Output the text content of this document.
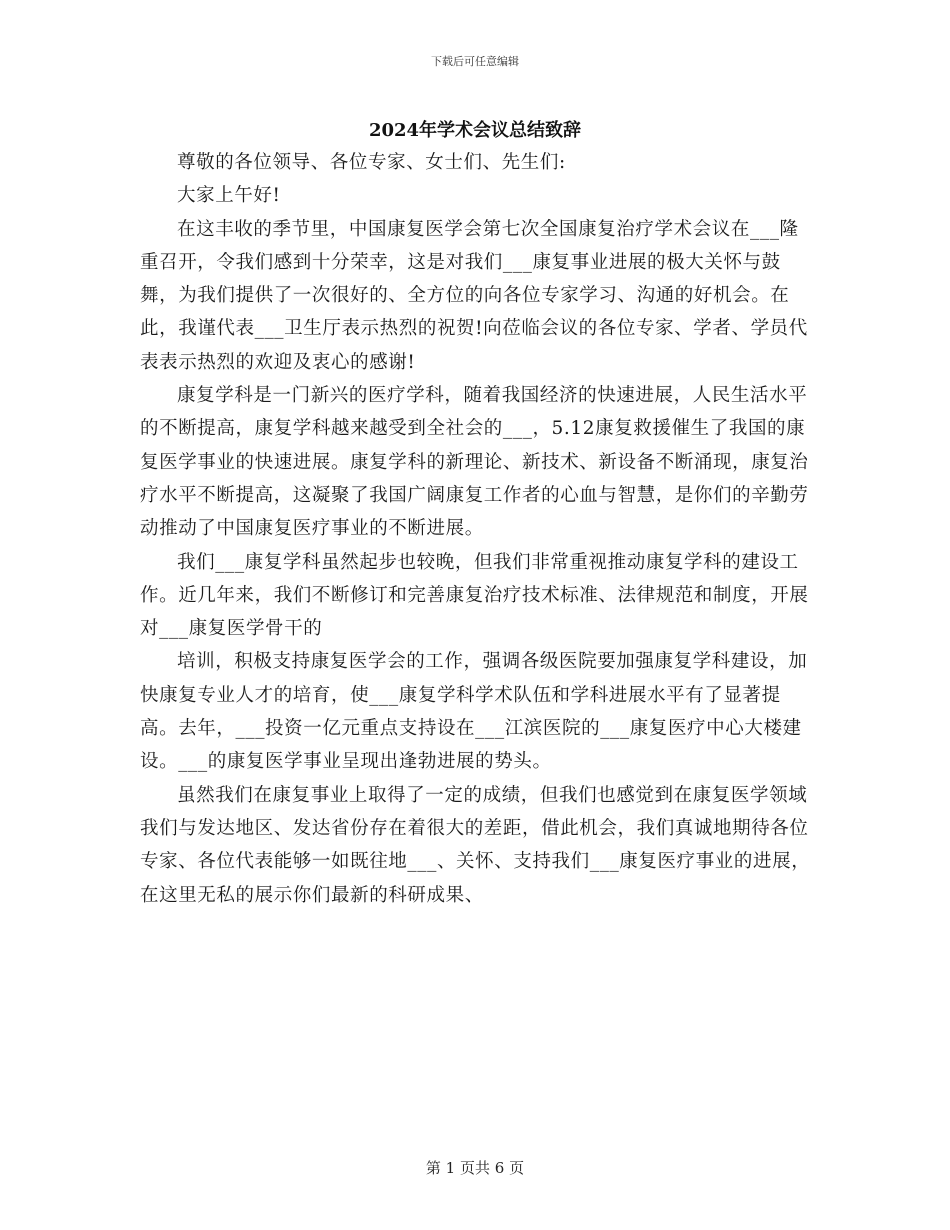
下载后可任意编辑
2024年学术会议总结致辞

尊敬的各位领导、各位专家、女士们、先生们:

大家上午好!

在这丰收的季节里，中国康复医学会第七次全国康复治疗学术会议在___隆重召开，令我们感到十分荣幸，这是对我们___康复事业进展的极大关怀与鼓舞，为我们提供了一次很好的、全方位的向各位专家学习、沟通的好机会。在此，我谨代表___卫生厅表示热烈的祝贺!向莅临会议的各位专家、学者、学员代表表示热烈的欢迎及衷心的感谢!

康复学科是一门新兴的医疗学科，随着我国经济的快速进展，人民生活水平的不断提高，康复学科越来越受到全社会的___，5.12康复救援催生了我国的康复医学事业的快速进展。康复学科的新理论、新技术、新设备不断涌现，康复治疗水平不断提高，这凝聚了我国广阔康复工作者的心血与智慧，是你们的辛勤劳动推动了中国康复医疗事业的不断进展。

我们___康复学科虽然起步也较晚，但我们非常重视推动康复学科的建设工作。近几年来，我们不断修订和完善康复治疗技术标准、法律规范和制度，开展对___康复医学骨干的

培训，积极支持康复医学会的工作，强调各级医院要加强康复学科建设，加快康复专业人才的培育，使___康复学科学术队伍和学科进展水平有了显著提高。去年，___投资一亿元重点支持设在___江滨医院的___康复医疗中心大楼建设。___的康复医学事业呈现出逢勃进展的势头。

虽然我们在康复事业上取得了一定的成绩，但我们也感觉到在康复医学领域我们与发达地区、发达省份存在着很大的差距，借此机会，我们真诚地期待各位专家、各位代表能够一如既往地___、关怀、支持我们___康复医疗事业的进展，在这里无私的展示你们最新的科研成果、

第 1 页共 6 页
